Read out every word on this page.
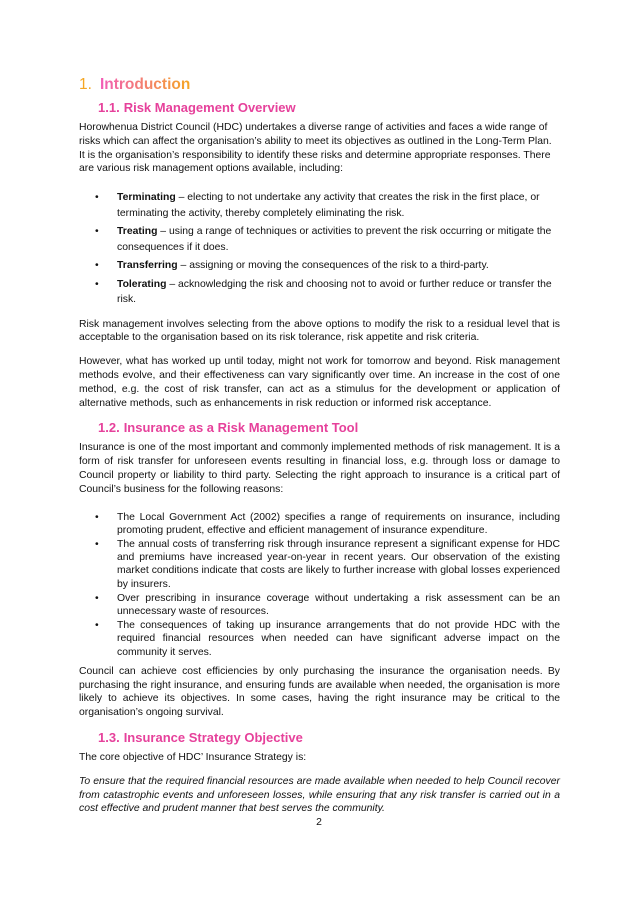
1. Introduction
1.1. Risk Management Overview

Horowhenua District Council (HDC) undertakes a diverse range of activities and faces a wide range of risks which can affect the organisation’s ability to meet its objectives as outlined in the Long-Term Plan. It is the organisation’s responsibility to identify these risks and determine appropriate responses. There are various risk management options available, including:

• Terminating – electing to not undertake any activity that creates the risk in the first place, or terminating the activity, thereby completely eliminating the risk.
• Treating – using a range of techniques or activities to prevent the risk occurring or mitigate the consequences if it does.
• Transferring – assigning or moving the consequences of the risk to a third-party.
• Tolerating – acknowledging the risk and choosing not to avoid or further reduce or transfer the risk.

Risk management involves selecting from the above options to modify the risk to a residual level that is acceptable to the organisation based on its risk tolerance, risk appetite and risk criteria.

However, what has worked up until today, might not work for tomorrow and beyond. Risk management methods evolve, and their effectiveness can vary significantly over time. An increase in the cost of one method, e.g. the cost of risk transfer, can act as a stimulus for the development or application of alternative methods, such as enhancements in risk reduction or informed risk acceptance.

1.2. Insurance as a Risk Management Tool

Insurance is one of the most important and commonly implemented methods of risk management. It is a form of risk transfer for unforeseen events resulting in financial loss, e.g. through loss or damage to Council property or liability to third party. Selecting the right approach to insurance is a critical part of Council’s business for the following reasons:

• The Local Government Act (2002) specifies a range of requirements on insurance, including promoting prudent, effective and efficient management of insurance expenditure.
• The annual costs of transferring risk through insurance represent a significant expense for HDC and premiums have increased year-on-year in recent years. Our observation of the existing market conditions indicate that costs are likely to further increase with global losses experienced by insurers.
• Over prescribing in insurance coverage without undertaking a risk assessment can be an unnecessary waste of resources.
• The consequences of taking up insurance arrangements that do not provide HDC with the required financial resources when needed can have significant adverse impact on the community it serves.

Council can achieve cost efficiencies by only purchasing the insurance the organisation needs. By purchasing the right insurance, and ensuring funds are available when needed, the organisation is more likely to achieve its objectives. In some cases, having the right insurance may be critical to the organisation’s ongoing survival.

1.3. Insurance Strategy Objective

The core objective of HDC’ Insurance Strategy is:

To ensure that the required financial resources are made available when needed to help Council recover from catastrophic events and unforeseen losses, while ensuring that any risk transfer is carried out in a cost effective and prudent manner that best serves the community.

2
